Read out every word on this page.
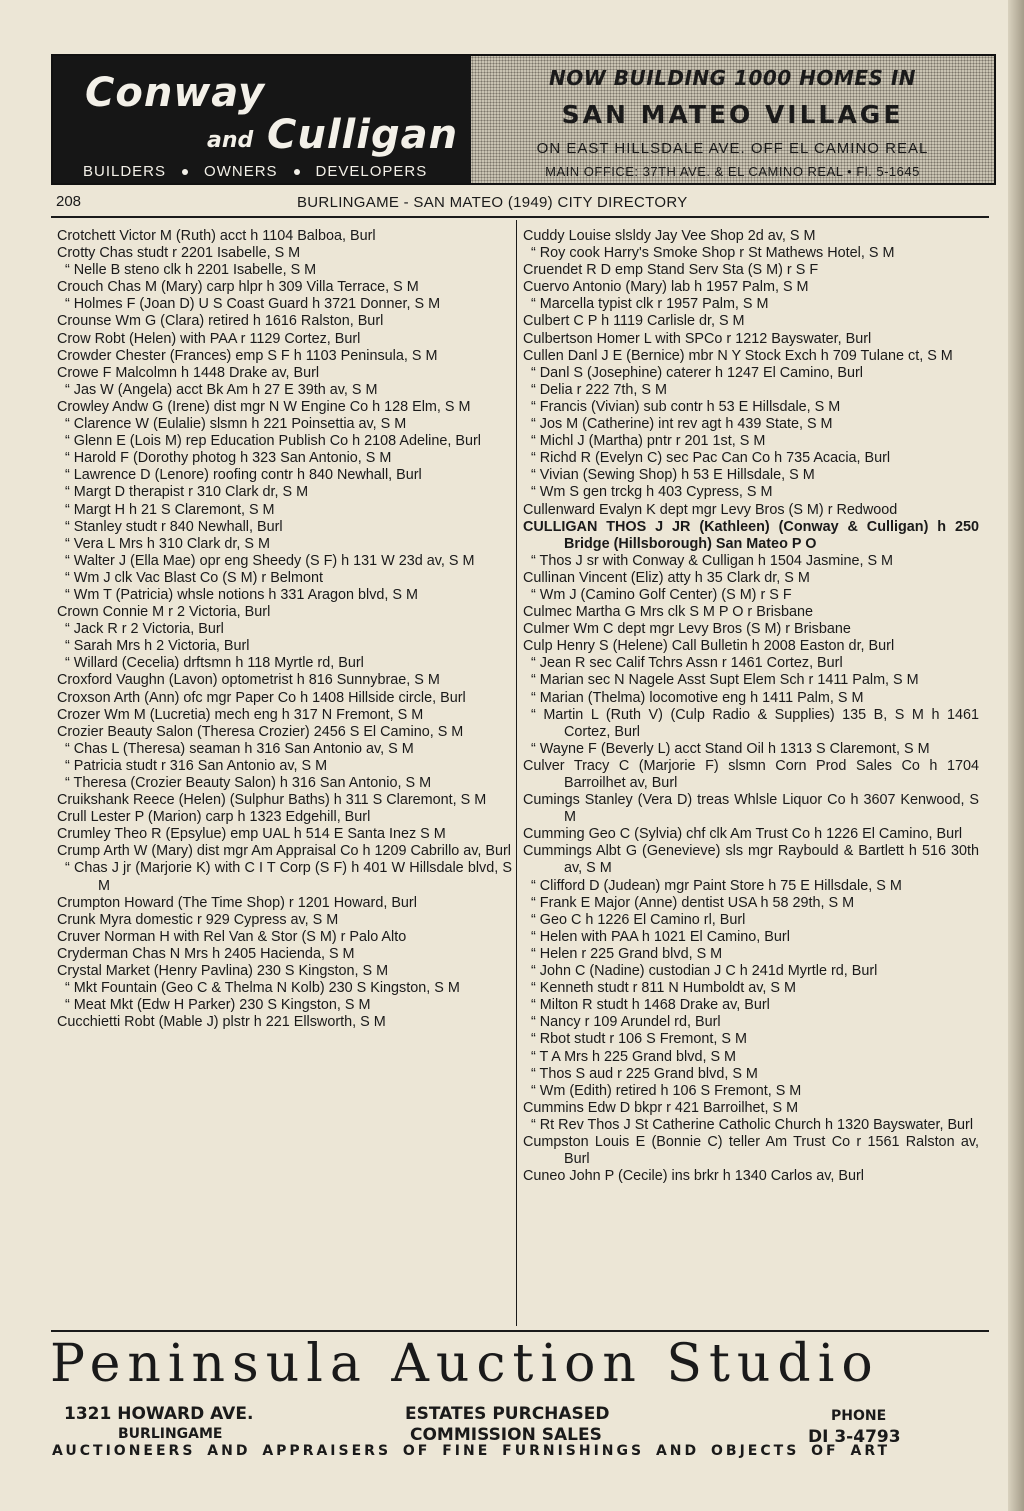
Conway
and Culligan
BUILDERS	OWNERS	DEVELOPERS
NOW BUILDING 1000 HOMES IN
SAN MATEO VILLAGE
ON EAST HILLSDALE AVE. OFF EL CAMINO REAL
MAIN OFFICE: 37TH AVE. & EL CAMINO REAL • Fl. 5-1645
208	BURLINGAME - SAN MATEO (1949) CITY DIRECTORY
Crotchett Victor M (Ruth) acct h 1104 Balboa, Burl
Crotty Chas studt r 2201 Isabelle, S M
“ Nelle B steno clk h 2201 Isabelle, S M
Crouch Chas M (Mary) carp hlpr h 309 Villa Terrace, S M
“ Holmes F (Joan D) U S Coast Guard h 3721 Donner, S M
Crounse Wm G (Clara) retired h 1616 Ralston, Burl
Crow Robt (Helen) with PAA r 1129 Cortez, Burl
Crowder Chester (Frances) emp S F h 1103 Peninsula, S M
Crowe F Malcolmn h 1448 Drake av, Burl
“ Jas W (Angela) acct Bk Am h 27 E 39th av, S M
Crowley Andw G (Irene) dist mgr N W Engine Co h 128 Elm, S M
“ Clarence W (Eulalie) slsmn h 221 Poinsettia av, S M
“ Glenn E (Lois M) rep Education Publish Co h 2108 Adeline, Burl
“ Harold F (Dorothy photog h 323 San Antonio, S M
“ Lawrence D (Lenore) roofing contr h 840 Newhall, Burl
“ Margt D therapist r 310 Clark dr, S M
“ Margt H h 21 S Claremont, S M
“ Stanley studt r 840 Newhall, Burl
“ Vera L Mrs h 310 Clark dr, S M
“ Walter J (Ella Mae) opr eng Sheedy (S F) h 131 W 23d av, S M
“ Wm J clk Vac Blast Co (S M) r Belmont
“ Wm T (Patricia) whsle notions h 331 Aragon blvd, S M
Crown Connie M r 2 Victoria, Burl
“ Jack R r 2 Victoria, Burl
“ Sarah Mrs h 2 Victoria, Burl
“ Willard (Cecelia) drftsmn h 118 Myrtle rd, Burl
Croxford Vaughn (Lavon) optometrist h 816 Sunnybrae, S M
Croxson Arth (Ann) ofc mgr Paper Co h 1408 Hillside circle, Burl
Crozer Wm M (Lucretia) mech eng h 317 N Fremont, S M
Crozier Beauty Salon (Theresa Crozier) 2456 S El Camino, S M
“ Chas L (Theresa) seaman h 316 San Antonio av, S M
“ Patricia studt r 316 San Antonio av, S M
“ Theresa (Crozier Beauty Salon) h 316 San Antonio, S M
Cruikshank Reece (Helen) (Sulphur Baths) h 311 S Claremont, S M
Crull Lester P (Marion) carp h 1323 Edgehill, Burl
Crumley Theo R (Epsylue) emp UAL h 514 E Santa Inez S M
Crump Arth W (Mary) dist mgr Am Appraisal Co h 1209 Cabrillo av, Burl
“ Chas J jr (Marjorie K) with C I T Corp (S F) h 401 W Hillsdale blvd, S M
Crumpton Howard (The Time Shop) r 1201 Howard, Burl
Crunk Myra domestic r 929 Cypress av, S M
Cruver Norman H with Rel Van & Stor (S M) r Palo Alto
Cryderman Chas N Mrs h 2405 Hacienda, S M
Crystal Market (Henry Pavlina) 230 S Kingston, S M
“ Mkt Fountain (Geo C & Thelma N Kolb) 230 S Kingston, S M
“ Meat Mkt (Edw H Parker) 230 S Kingston, S M
Cucchietti Robt (Mable J) plstr h 221 Ellsworth, S M
Cuddy Louise slsldy Jay Vee Shop 2d av, S M
“ Roy cook Harry's Smoke Shop r St Mathews Hotel, S M
Cruendet R D emp Stand Serv Sta (S M) r S F
Cuervo Antonio (Mary) lab h 1957 Palm, S M
“ Marcella typist clk r 1957 Palm, S M
Culbert C P h 1119 Carlisle dr, S M
Culbertson Homer L with SPCo r 1212 Bayswater, Burl
Cullen Danl J E (Bernice) mbr N Y Stock Exch h 709 Tulane ct, S M
“ Danl S (Josephine) caterer h 1247 El Camino, Burl
“ Delia r 222 7th, S M
“ Francis (Vivian) sub contr h 53 E Hillsdale, S M
“ Jos M (Catherine) int rev agt h 439 State, S M
“ Michl J (Martha) pntr r 201 1st, S M
“ Richd R (Evelyn C) sec Pac Can Co h 735 Acacia, Burl
“ Vivian (Sewing Shop) h 53 E Hillsdale, S M
“ Wm S gen trckg h 403 Cypress, S M
Cullenward Evalyn K dept mgr Levy Bros (S M) r Redwood
CULLIGAN THOS J JR (Kathleen) (Conway & Culligan) h 250 Bridge (Hillsborough) San Mateo P O
“ Thos J sr with Conway & Culligan h 1504 Jasmine, S M
Cullinan Vincent (Eliz) atty h 35 Clark dr, S M
“ Wm J (Camino Golf Center) (S M) r S F
Culmec Martha G Mrs clk S M P O r Brisbane
Culmer Wm C dept mgr Levy Bros (S M) r Brisbane
Culp Henry S (Helene) Call Bulletin h 2008 Easton dr, Burl
“ Jean R sec Calif Tchrs Assn r 1461 Cortez, Burl
“ Marian sec N Nagele Asst Supt Elem Sch r 1411 Palm, S M
“ Marian (Thelma) locomotive eng h 1411 Palm, S M
“ Martin L (Ruth V) (Culp Radio & Supplies) 135 B, S M h 1461 Cortez, Burl
“ Wayne F (Beverly L) acct Stand Oil h 1313 S Claremont, S M
Culver Tracy C (Marjorie F) slsmn Corn Prod Sales Co h 1704 Barroilhet av, Burl
Cumings Stanley (Vera D) treas Whlsle Liquor Co h 3607 Kenwood, S M
Cumming Geo C (Sylvia) chf clk Am Trust Co h 1226 El Camino, Burl
Cummings Albt G (Genevieve) sls mgr Raybould & Bartlett h 516 30th av, S M
“ Clifford D (Judean) mgr Paint Store h 75 E Hillsdale, S M
“ Frank E Major (Anne) dentist USA h 58 29th, S M
“ Geo C h 1226 El Camino rl, Burl
“ Helen with PAA h 1021 El Camino, Burl
“ Helen r 225 Grand blvd, S M
“ John C (Nadine) custodian J C h 241d Myrtle rd, Burl
“ Kenneth studt r 811 N Humboldt av, S M
“ Milton R studt h 1468 Drake av, Burl
“ Nancy r 109 Arundel rd, Burl
“ Rbot studt r 106 S Fremont, S M
“ T A Mrs h 225 Grand blvd, S M
“ Thos S aud r 225 Grand blvd, S M
“ Wm (Edith) retired h 106 S Fremont, S M
Cummins Edw D bkpr r 421 Barroilhet, S M
“ Rt Rev Thos J St Catherine Catholic Church h 1320 Bayswater, Burl
Cumpston Louis E (Bonnie C) teller Am Trust Co r 1561 Ralston av, Burl
Cuneo John P (Cecile) ins brkr h 1340 Carlos av, Burl
Peninsula Auction Studio
1321 HOWARD AVE.
BURLINGAME
ESTATES PURCHASED
COMMISSION SALES
PHONE
DI 3-4793
AUCTIONEERS AND APPRAISERS OF FINE FURNISHINGS AND OBJECTS OF ART
